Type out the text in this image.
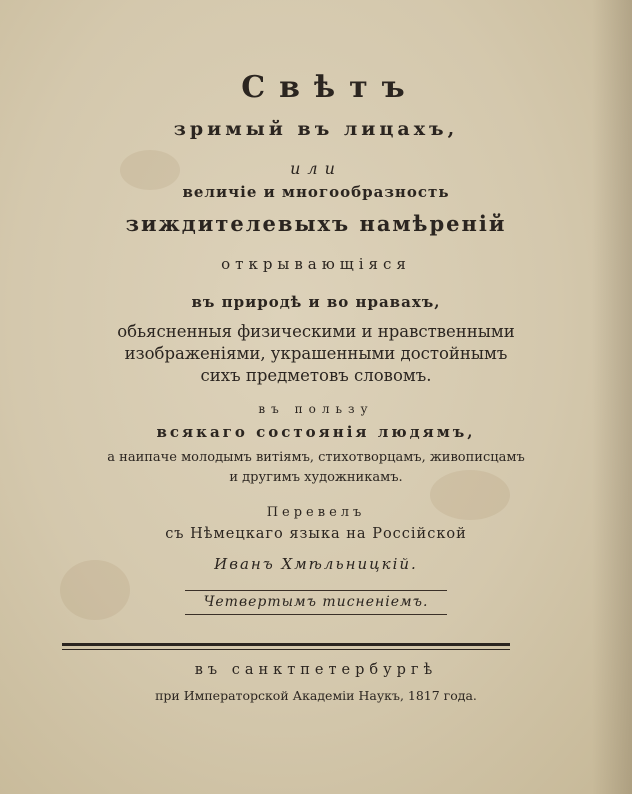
Свѣтъ
зримый въ лицахъ,
или
величіе и многообразность
зиждителевыхъ намѣреній
открывающіяся
въ природѣ и во нравахъ,
обьясненныя физическими и нравственными
изображеніями, украшенными достойнымъ
сихъ предметовъ словомъ.
въ пользу
всякаго состоянія людямъ,
а наипаче молодымъ витіямъ, стихотворцамъ, живописцамъ
и другимъ художникамъ.
Перевелъ
съ Нѣмецкаго языка на Россійской
Иванъ Хмѣльницкій.
Четвертымъ тисненіемъ.
въ санктпетербургѣ
при Императорской Академіи Наукъ, 1817 года.
